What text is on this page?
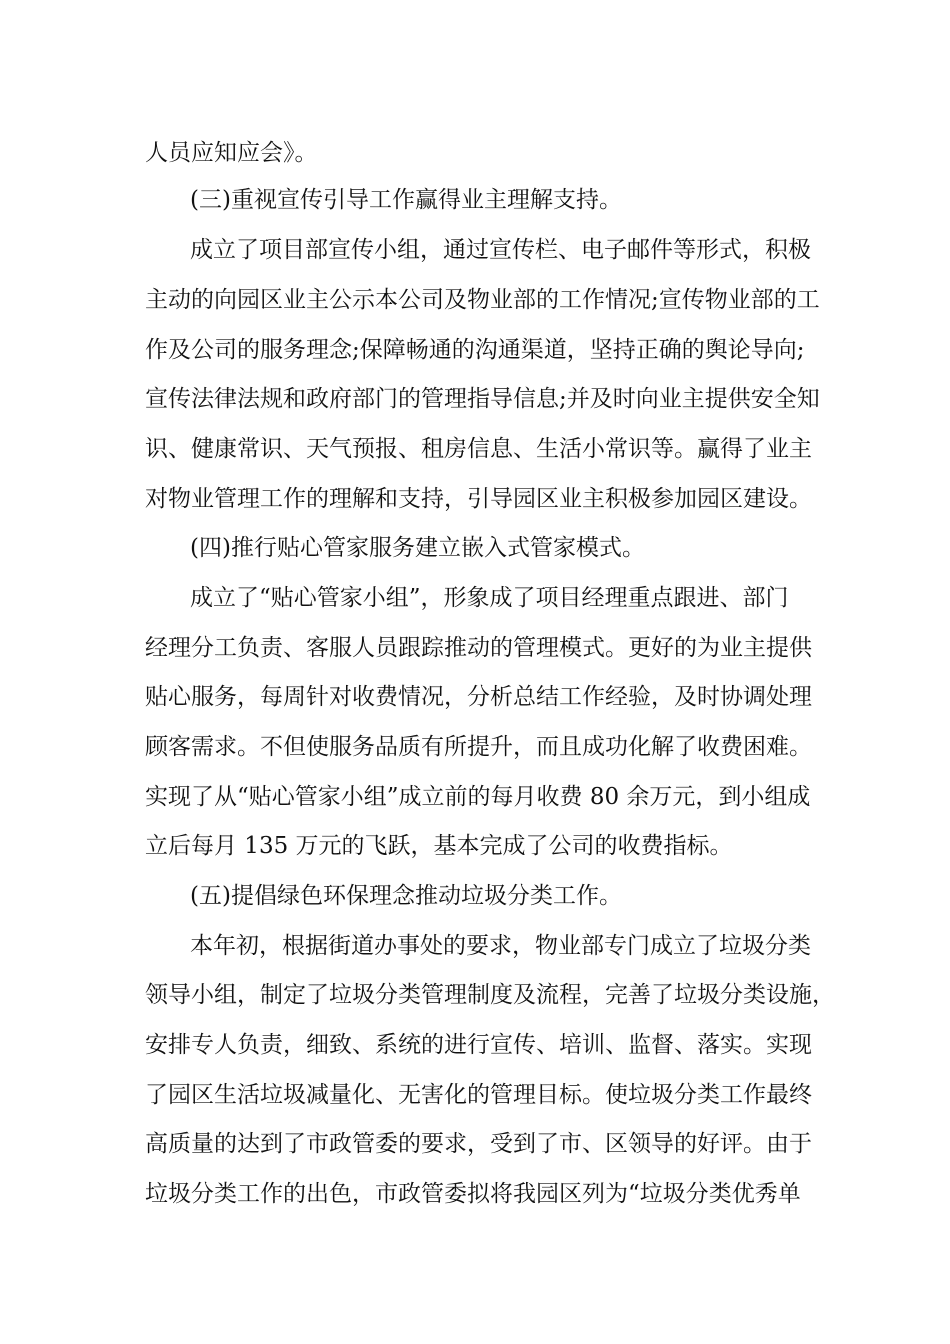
人员应知应会》。
(三)重视宣传引导工作赢得业主理解支持。
成立了项目部宣传小组，通过宣传栏、电子邮件等形式，积极
主动的向园区业主公示本公司及物业部的工作情况;宣传物业部的工
作及公司的服务理念;保障畅通的沟通渠道，坚持正确的舆论导向;
宣传法律法规和政府部门的管理指导信息;并及时向业主提供安全知
识、健康常识、天气预报、租房信息、生活小常识等。赢得了业主
对物业管理工作的理解和支持，引导园区业主积极参加园区建设。
(四)推行贴心管家服务建立嵌入式管家模式。
成立了“贴心管家小组”，形象成了项目经理重点跟进、部门
经理分工负责、客服人员跟踪推动的管理模式。更好的为业主提供
贴心服务，每周针对收费情况，分析总结工作经验，及时协调处理
顾客需求。不但使服务品质有所提升，而且成功化解了收费困难。
实现了从“贴心管家小组”成立前的每月收费 80 余万元，到小组成
立后每月 135 万元的飞跃，基本完成了公司的收费指标。
(五)提倡绿色环保理念推动垃圾分类工作。
本年初，根据街道办事处的要求，物业部专门成立了垃圾分类
领导小组，制定了垃圾分类管理制度及流程，完善了垃圾分类设施，
安排专人负责，细致、系统的进行宣传、培训、监督、落实。实现
了园区生活垃圾减量化、无害化的管理目标。使垃圾分类工作最终
高质量的达到了市政管委的要求，受到了市、区领导的好评。由于
垃圾分类工作的出色，市政管委拟将我园区列为“垃圾分类优秀单
